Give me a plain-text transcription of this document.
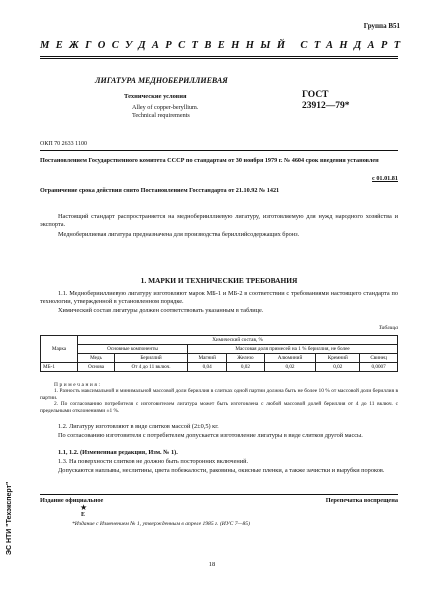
Группа В51
МЕЖГОСУДАРСТВЕННЫЙ СТАНДАРТ
ЛИГАТУРА МЕДНОБЕРИЛЛИЕВАЯ
Технические условия
Alley of copper-beryllium.
Technical requirements
ГОСТ
23912—79*
ОКП 70 2633 1100
Постановлением Государственного комитета СССР по стандартам от 30 ноября 1979 г. № 4604 срок введения установлен
с 01.01.81
Ограничение срока действия снято Постановлением Госстандарта от 21.10.92 № 1421
Настоящий стандарт распространяется на медноберииллиевую лигатуру, изготовляемую для нужд народного хозяйства и экспорта.
Медноберилиевая лигатура предназначена для производства бериллийсодержащих бронз.
1. МАРКИ И ТЕХНИЧЕСКИЕ ТРЕБОВАНИЯ
1.1. Медноберииллиевую лигатуру изготовляют марок МБ-1 и МБ-2 в соответствии с требованиями настоящего стандарта по технологии, утвержденной в установленном порядке.
Химический состав лигатуры должен соответствовать указанным в таблице.
Таблица
Марка	Химический состав, %						
	Основные компоненты		Массовая доля примесей на 1 % бериллия, не более				
	Медь	Бериллий	Магний	Железо	Алюминий	Кремний	Свинец
МБ-1	Основа	От 4 до 11 включ.	0,04	0,02	0,02	0,02	0,0007
Примечания:

1. Разность максимальной и минимальной массовой доли бериллия в слитках одной партии должна быть не более 10 % от массовой доли бериллия в партии.

2. По согласованию потребителя с изготовителем лигатура может быть изготовлена с любой массовой долей бериллия от 4 до 11 включ. с предельными отклонениями ±1 %.

1.2. Лигатуру изготовляют в виде слитков массой (2±0,5) кг.
По согласованию изготовителя с потребителем допускается изготовление лигатуры в виде слитков другой массы.
1.1, 1.2. (Измененная редакция, Изм. № 1).
1.3. На поверхности слитков не должно быть посторонних включений.
Допускаются наплывы, неслитины, цвета побежалости, раковины, окисные пленки, а также зачистки и вырубки пороков.
Издание официальное	Перепечатка воспрещена
★
Е
*Издание с Изменением № 1, утвержденным в апреле 1985 г. (ИУС 7—85)
18
ЭС НТИ "Техэксперт"
